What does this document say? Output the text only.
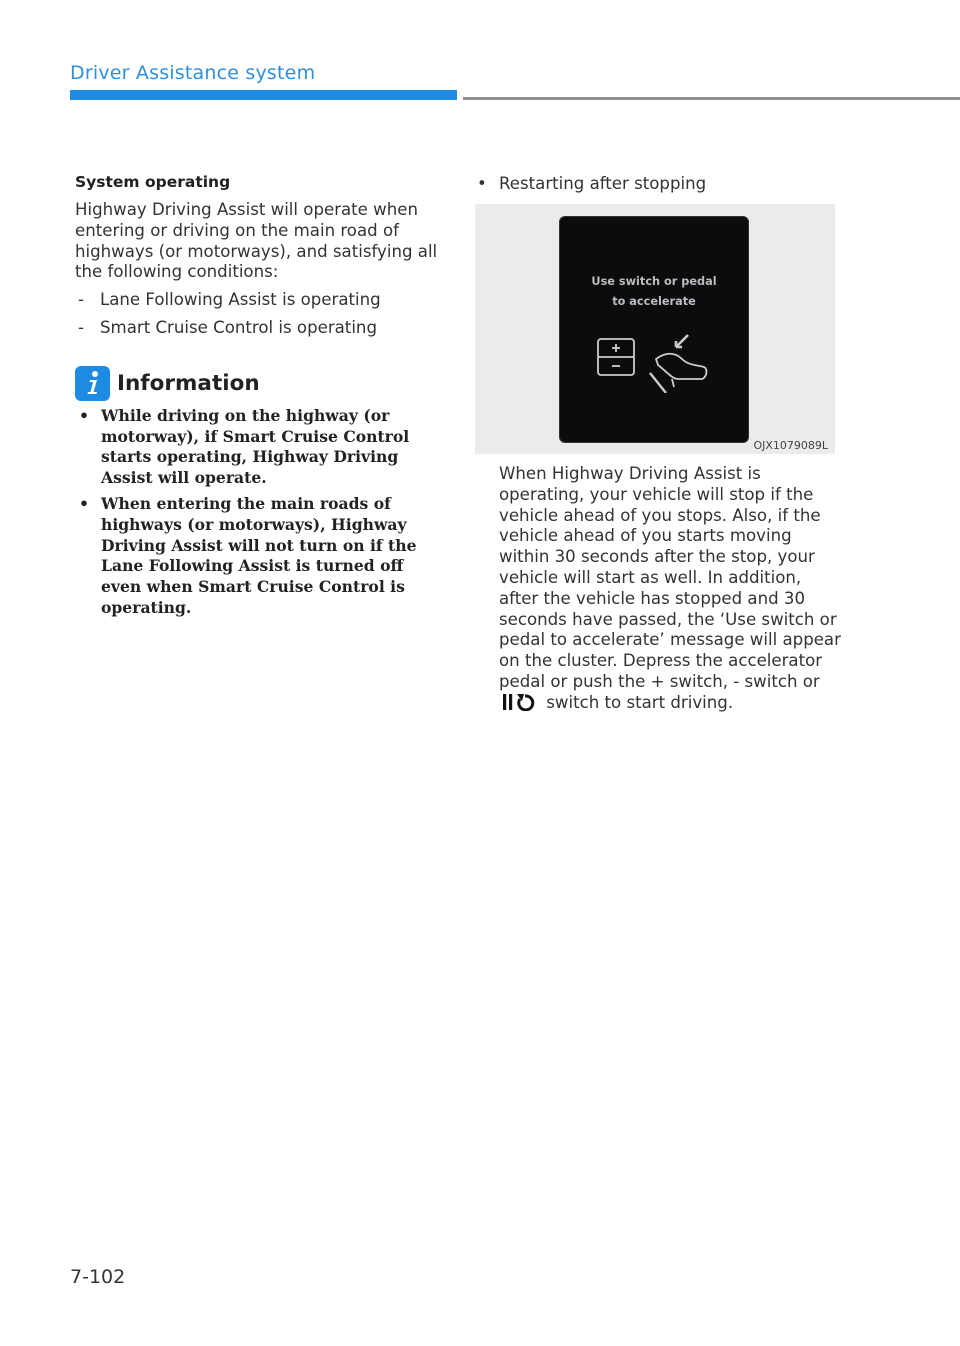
Driver Assistance system
System operating

Highway Driving Assist will operate when entering or driving on the main road of highways (or motorways), and satisfying all the following conditions:

- Lane Following Assist is operating
- Smart Cruise Control is operating
Information
• While driving on the highway (or motorway), if Smart Cruise Control starts operating, Highway Driving Assist will operate.
• When entering the main roads of highways (or motorways), Highway Driving Assist will not turn on if the Lane Following Assist is turned off even when Smart Cruise Control is operating.
• Restarting after stopping
Use switch or pedal
to accelerate
OJX1079089L

When Highway Driving Assist is operating, your vehicle will stop if the vehicle ahead of you stops. Also, if the vehicle ahead of you starts moving within 30 seconds after the stop, your vehicle will start as well. In addition, after the vehicle has stopped and 30 seconds have passed, the ‘Use switch or pedal to accelerate’ message will appear on the cluster. Depress the accelerator pedal or push the + switch, - switch or  switch to start driving.

7-102
